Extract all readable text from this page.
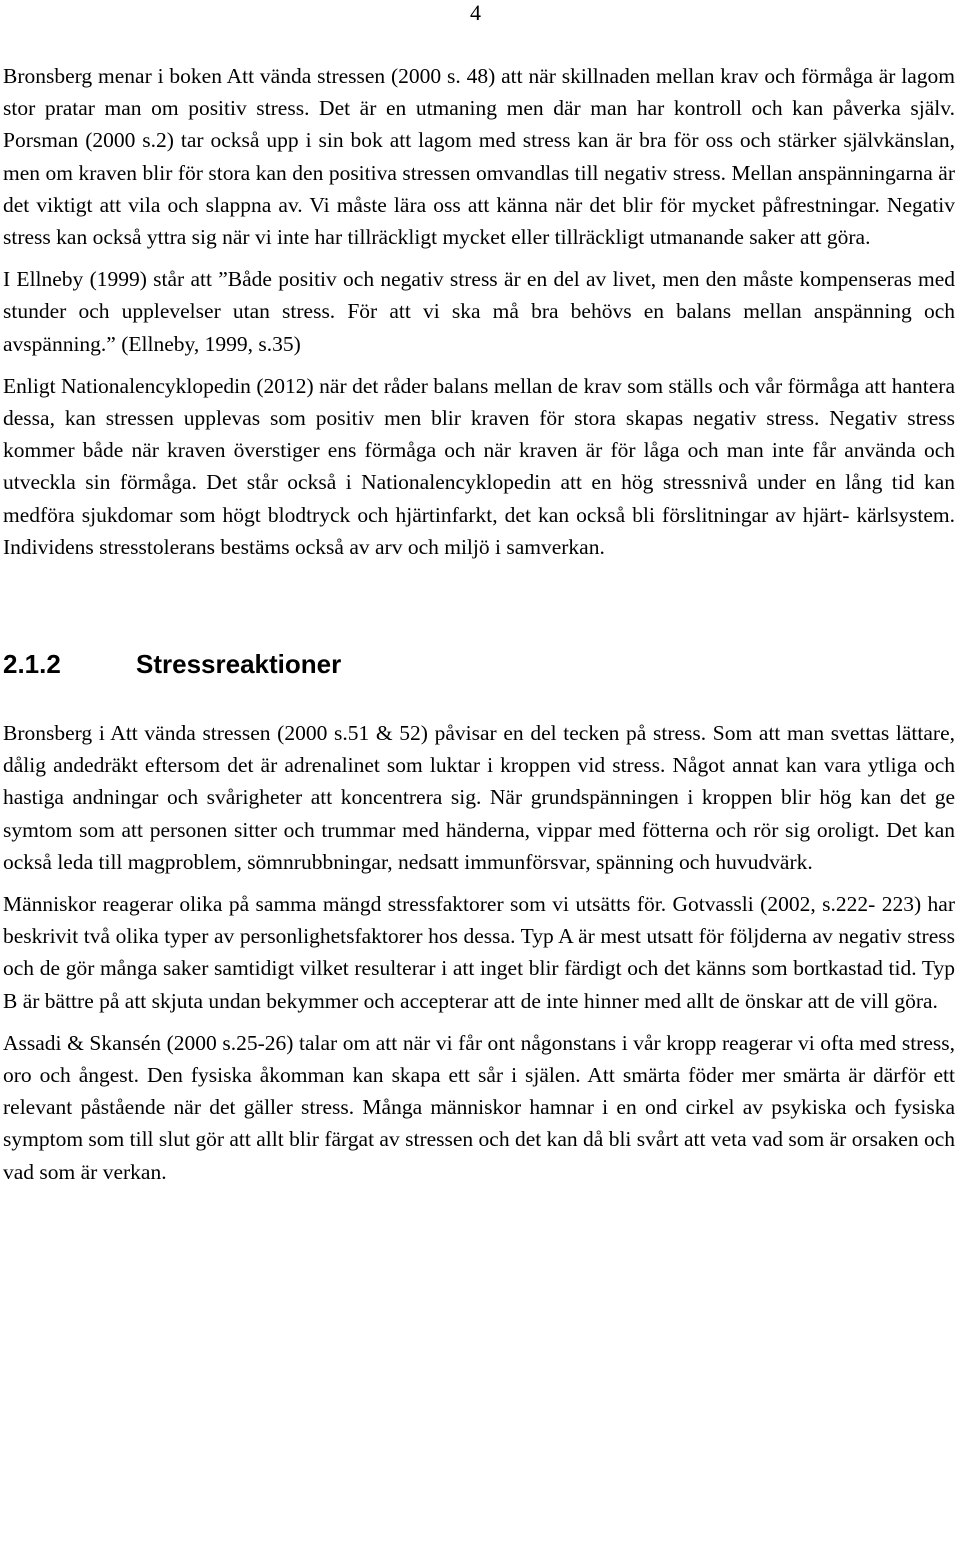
4

Bronsberg menar i boken Att vända stressen (2000 s. 48) att när skillnaden mellan krav och förmåga är lagom stor pratar man om positiv stress. Det är en utmaning men där man har kontroll och kan påverka själv. Porsman (2000 s.2) tar också upp i sin bok att lagom med stress kan är bra för oss och stärker självkänslan, men om kraven blir för stora kan den positiva stressen omvandlas till negativ stress. Mellan anspänningarna är det viktigt att vila och slappna av. Vi måste lära oss att känna när det blir för mycket påfrestningar. Negativ stress kan också yttra sig när vi inte har tillräckligt mycket eller tillräckligt utmanande saker att göra.

I Ellneby (1999) står att ”Både positiv och negativ stress är en del av livet, men den måste kompenseras med stunder och upplevelser utan stress. För att vi ska må bra behövs en balans mellan anspänning och avspänning.” (Ellneby, 1999, s.35)

Enligt Nationalencyklopedin (2012) när det råder balans mellan de krav som ställs och vår förmåga att hantera dessa, kan stressen upplevas som positiv men blir kraven för stora skapas negativ stress. Negativ stress kommer både när kraven överstiger ens förmåga och när kraven är för låga och man inte får använda och utveckla sin förmåga. Det står också i Nationalencyklopedin att en hög stressnivå under en lång tid kan medföra sjukdomar som högt blodtryck och hjärtinfarkt, det kan också bli förslitningar av hjärt- kärlsystem. Individens stresstolerans bestäms också av arv och miljö i samverkan.

2.1.2	Stressreaktioner

Bronsberg i Att vända stressen (2000 s.51 & 52) påvisar en del tecken på stress. Som att man svettas lättare, dålig andedräkt eftersom det är adrenalinet som luktar i kroppen vid stress. Något annat kan vara ytliga och hastiga andningar och svårigheter att koncentrera sig. När grundspänningen i kroppen blir hög kan det ge symtom som att personen sitter och trummar med händerna, vippar med fötterna och rör sig oroligt. Det kan också leda till magproblem, sömnrubbningar, nedsatt immunförsvar, spänning och huvudvärk.

Människor reagerar olika på samma mängd stressfaktorer som vi utsätts för. Gotvassli (2002, s.222- 223) har beskrivit två olika typer av personlighetsfaktorer hos dessa. Typ A är mest utsatt för följderna av negativ stress och de gör många saker samtidigt vilket resulterar i att inget blir färdigt och det känns som bortkastad tid. Typ B är bättre på att skjuta undan bekymmer och accepterar att de inte hinner med allt de önskar att de vill göra.

Assadi & Skansén (2000 s.25-26) talar om att när vi får ont någonstans i vår kropp reagerar vi ofta med stress, oro och ångest. Den fysiska åkomman kan skapa ett sår i själen. Att smärta föder mer smärta är därför ett relevant påstående när det gäller stress. Många människor hamnar i en ond cirkel av psykiska och fysiska symptom som till slut gör att allt blir färgat av stressen och det kan då bli svårt att veta vad som är orsaken och vad som är verkan.
